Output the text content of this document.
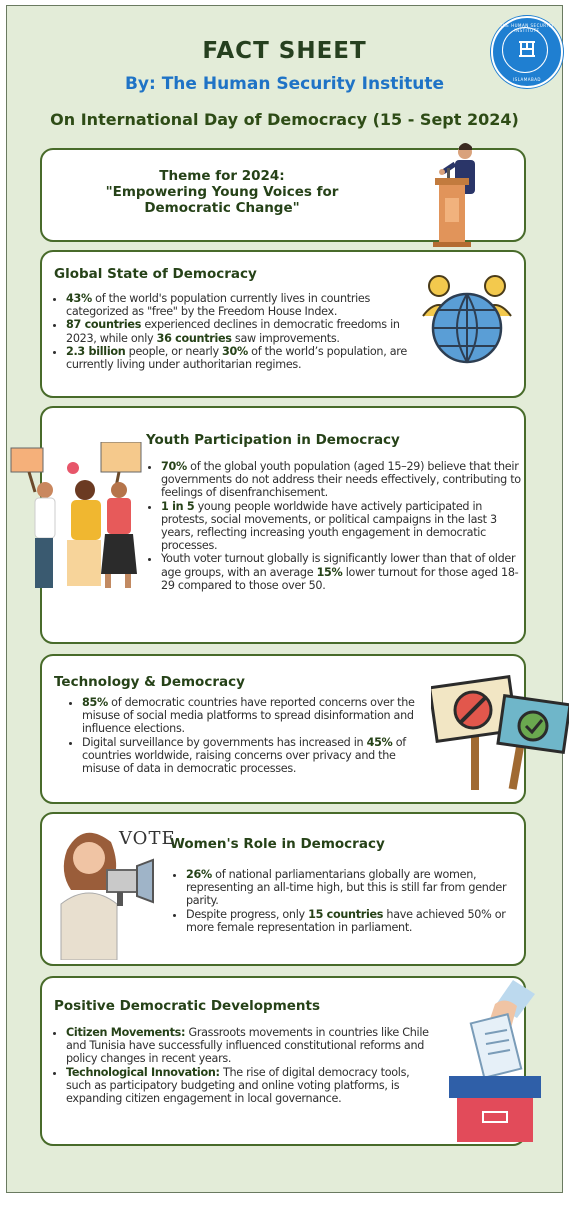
THE HUMAN SECURITY INSTITUTE
ISLAMABAD
FACT SHEET
By: The Human Security Institute
On International Day of Democracy (15 - Sept 2024)
Theme for 2024:
"Empowering Young Voices for Democratic Change"
Global State of Democracy
• 43% of the world's population currently lives in countries categorized as "free" by the Freedom House Index.
• 87 countries experienced declines in democratic freedoms in 2023, while only 36 countries saw improvements.
• 2.3 billion people, or nearly 30% of the world’s population, are currently living under authoritarian regimes.
Youth Participation in Democracy
• 70% of the global youth population (aged 15–29) believe that their governments do not address their needs effectively, contributing to feelings of disenfranchisement.
• 1 in 5 young people worldwide have actively participated in protests, social movements, or political campaigns in the last 3 years, reflecting increasing youth engagement in democratic processes.
• Youth voter turnout globally is significantly lower than that of older age groups, with an average 15% lower turnout for those aged 18-29 compared to those over 50.
Technology & Democracy
• 85% of democratic countries have reported concerns over the misuse of social media platforms to spread disinformation and influence elections.
• Digital surveillance by governments has increased in 45% of countries worldwide, raising concerns over privacy and the misuse of data in democratic processes.
Women's Role in Democracy
• 26% of national parliamentarians globally are women, representing an all-time high, but this is still far from gender parity.
• Despite progress, only 15 countries have achieved 50% or more female representation in parliament.
VOTE
Positive Democratic Developments
• Citizen Movements: Grassroots movements in countries like Chile and Tunisia have successfully influenced constitutional reforms and policy changes in recent years.
• Technological Innovation: The rise of digital democracy tools, such as participatory budgeting and online voting platforms, is expanding citizen engagement in local governance.
